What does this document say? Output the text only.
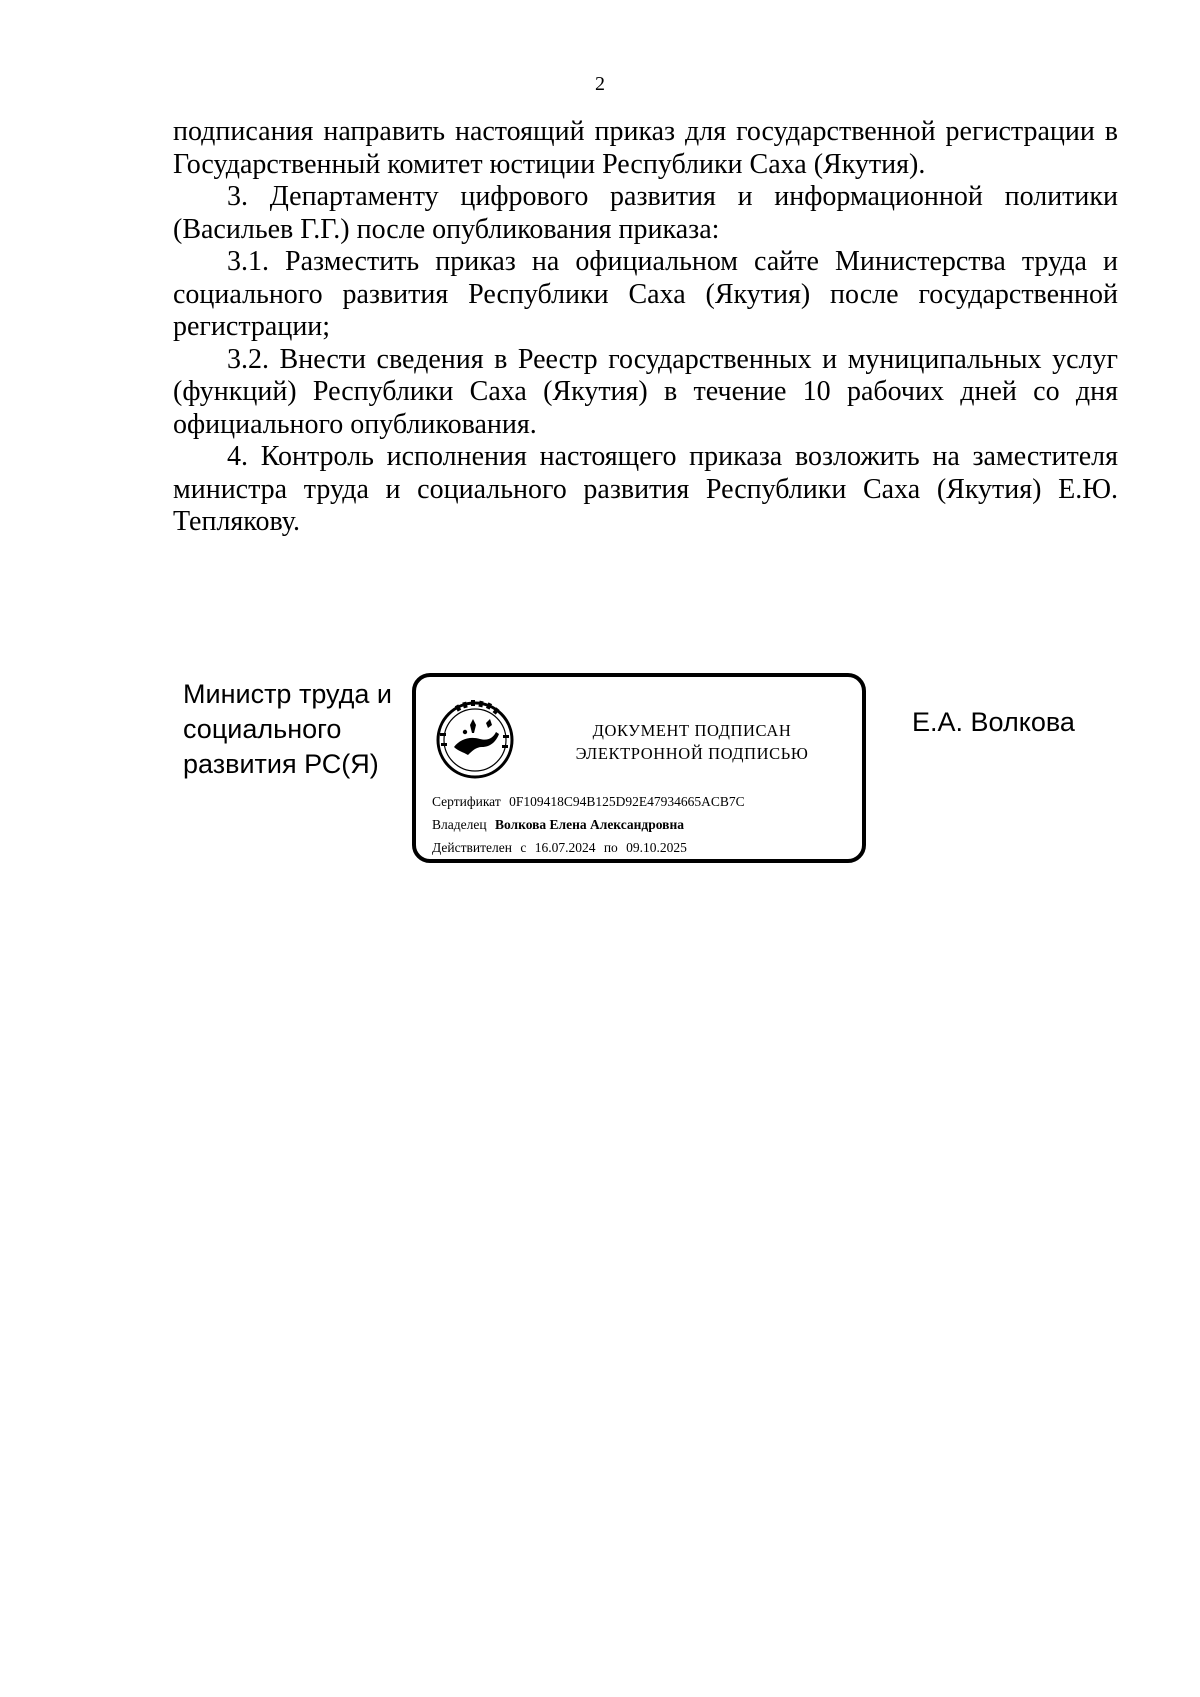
2

подписания направить настоящий приказ для государственной регистрации в Государственный комитет юстиции Республики Саха (Якутия).

3. Департаменту цифрового развития и информационной политики (Васильев Г.Г.) после опубликования приказа:

3.1. Разместить приказ на официальном сайте Министерства труда и социального развития Республики Саха (Якутия) после государственной регистрации;

3.2. Внести сведения в Реестр государственных и муниципальных услуг (функций) Республики Саха (Якутия) в течение 10 рабочих дней со дня официального опубликования.

4. Контроль исполнения настоящего приказа возложить на заместителя министра труда и социального развития Республики Саха (Якутия) Е.Ю. Теплякову.

Министр труда и
социального
развития РС(Я)
ДОКУМЕНТ ПОДПИСАН
ЭЛЕКТРОННОЙ ПОДПИСЬЮ
Сертификат 0F109418C94B125D92E47934665ACB7C
Владелец Волкова Елена Александровна
Действителен с 16.07.2024 по 09.10.2025
Е.А. Волкова
